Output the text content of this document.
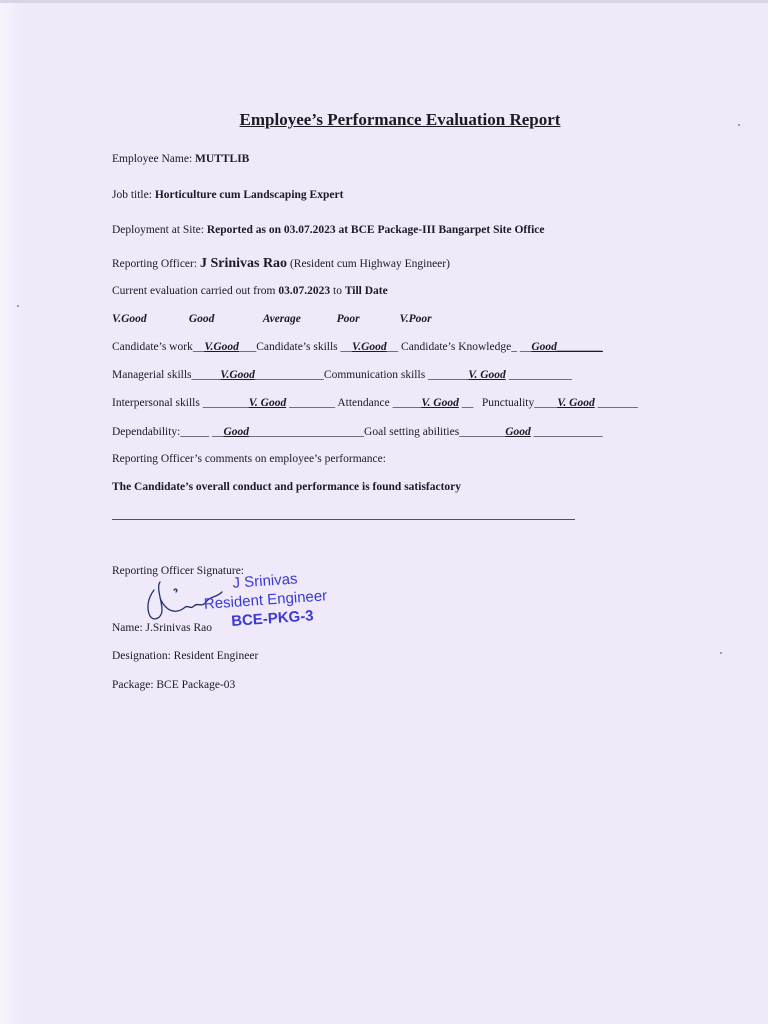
Employee’s Performance Evaluation Report
Employee Name: MUTTLIB
Job title: Horticulture cum Landscaping Expert
Deployment at Site: Reported as on 03.07.2023 at BCE Package-III Bangarpet Site Office
Reporting Officer: J Srinivas Rao (Resident cum Highway Engineer)
Current evaluation carried out from 03.07.2023 to Till Date
V.Good	Good	Average	Poor	V.Poor
Candidate’s work__V.Good___Candidate’s skills __V.Good__ Candidate’s Knowledge_ __Good________
Managerial skills_____V.Good____________Communication skills _______V. Good ___________
Interpersonal skills ________V. Good ________ Attendance _____V. Good __   Punctuality____V. Good _______
Dependability:_____ __Good____________________Goal setting abilities________Good ____________
Reporting Officer’s comments on employee’s performance:
The Candidate’s overall conduct and performance is found satisfactory
Reporting Officer Signature:
J Srinivas
Resident Engineer
BCE-PKG-3
Name: J.Srinivas Rao
Designation: Resident Engineer
Package: BCE Package-03
